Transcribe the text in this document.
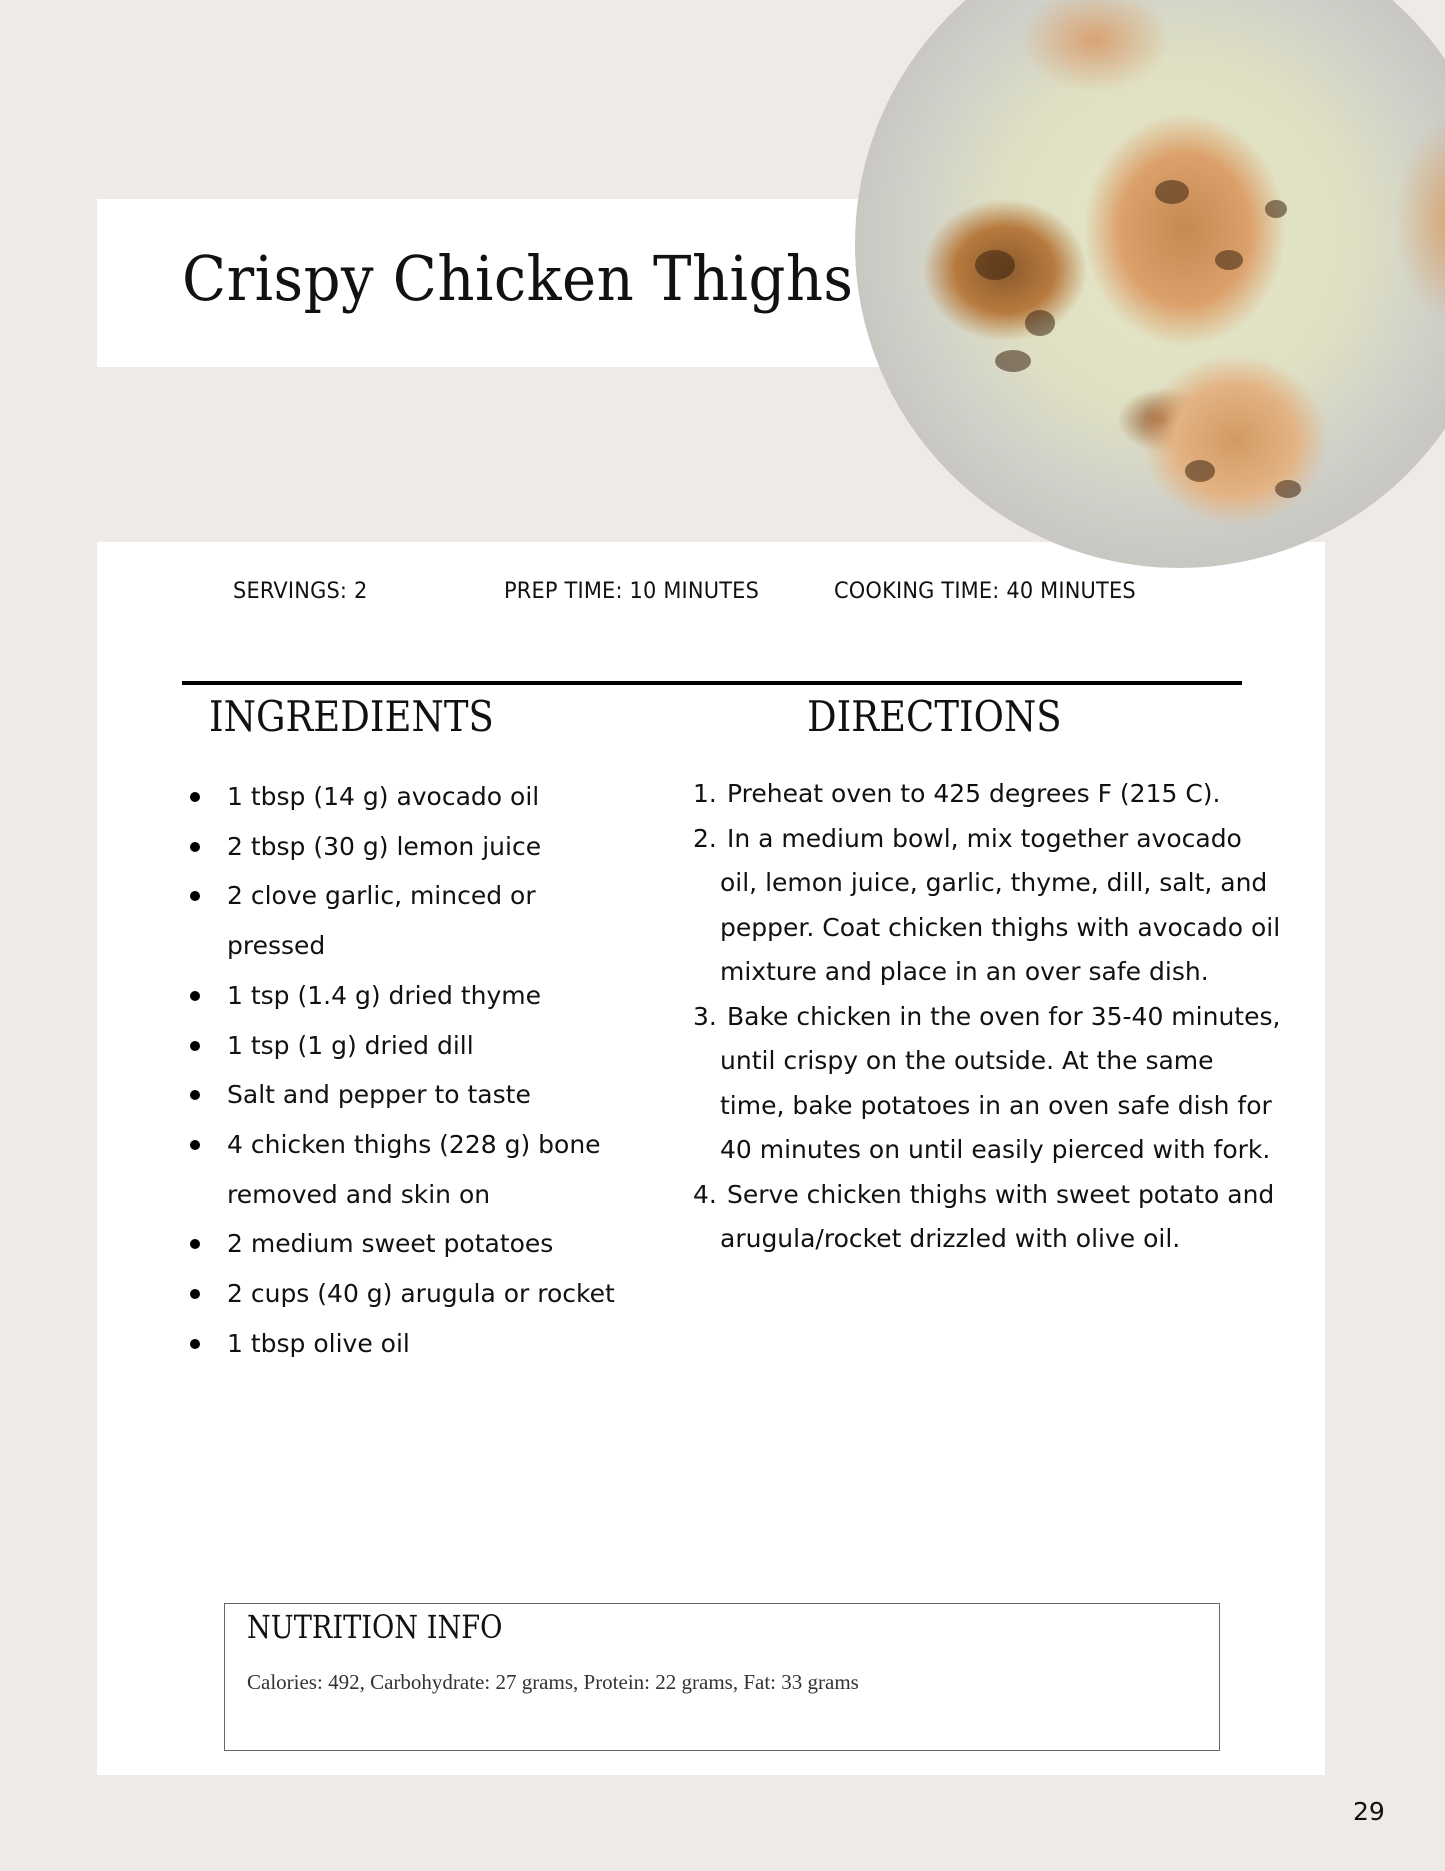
Crispy Chicken Thighs
SERVINGS: 2	PREP TIME: 10 MINUTES	COOKING TIME: 40 MINUTES
INGREDIENTS	DIRECTIONS
1 tbsp (14 g) avocado oil
2 tbsp (30 g) lemon juice
2 clove garlic, minced or pressed
1 tsp (1.4 g) dried thyme
1 tsp (1 g) dried dill
Salt and pepper to taste
4 chicken thighs (228 g) bone removed and skin on
2 medium sweet potatoes
2 cups (40 g) arugula or rocket
1 tbsp olive oil
1. Preheat oven to 425 degrees F (215 C).
2. In a medium bowl, mix together avocado oil, lemon juice, garlic, thyme, dill, salt, and pepper. Coat chicken thighs with avocado oil mixture and place in an over safe dish.
3. Bake chicken in the oven for 35-40 minutes, until crispy on the outside. At the same time, bake potatoes in an oven safe dish for 40 minutes on until easily pierced with fork.
4. Serve chicken thighs with sweet potato and arugula/rocket drizzled with olive oil.
NUTRITION INFO
Calories: 492, Carbohydrate: 27 grams, Protein: 22 grams, Fat: 33 grams
29
